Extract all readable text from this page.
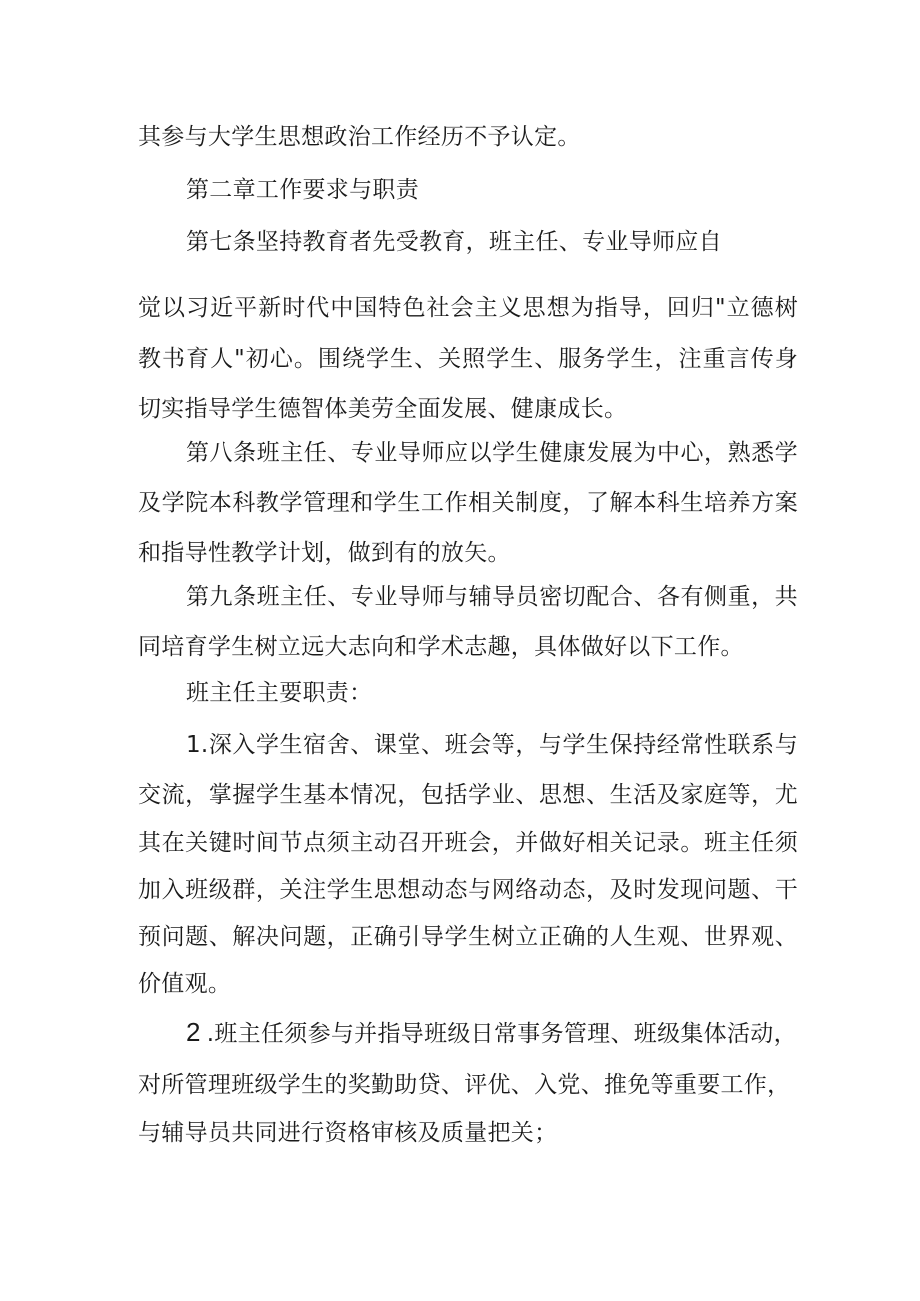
其参与大学生思想政治工作经历不予认定。
第二章工作要求与职责
第七条坚持教育者先受教育，班主任、专业导师应自
觉以习近平新时代中国特色社会主义思想为指导，回归"立德树
教书育人"初心。围绕学生、关照学生、服务学生，注重言传身
切实指导学生德智体美劳全面发展、健康成长。
第八条班主任、专业导师应以学生健康发展为中心，熟悉学
及学院本科教学管理和学生工作相关制度，了解本科生培养方案
和指导性教学计划，做到有的放矢。
第九条班主任、专业导师与辅导员密切配合、各有侧重，共
同培育学生树立远大志向和学术志趣，具体做好以下工作。
班主任主要职责：
1.深入学生宿舍、课堂、班会等，与学生保持经常性联系与
交流，掌握学生基本情况，包括学业、思想、生活及家庭等，尤
其在关键时间节点须主动召开班会，并做好相关记录。班主任须
加入班级群，关注学生思想动态与网络动态，及时发现问题、干
预问题、解决问题，正确引导学生树立正确的人生观、世界观、
价值观。
2 .班主任须参与并指导班级日常事务管理、班级集体活动，
对所管理班级学生的奖勤助贷、评优、入党、推免等重要工作，
与辅导员共同进行资格审核及质量把关；
